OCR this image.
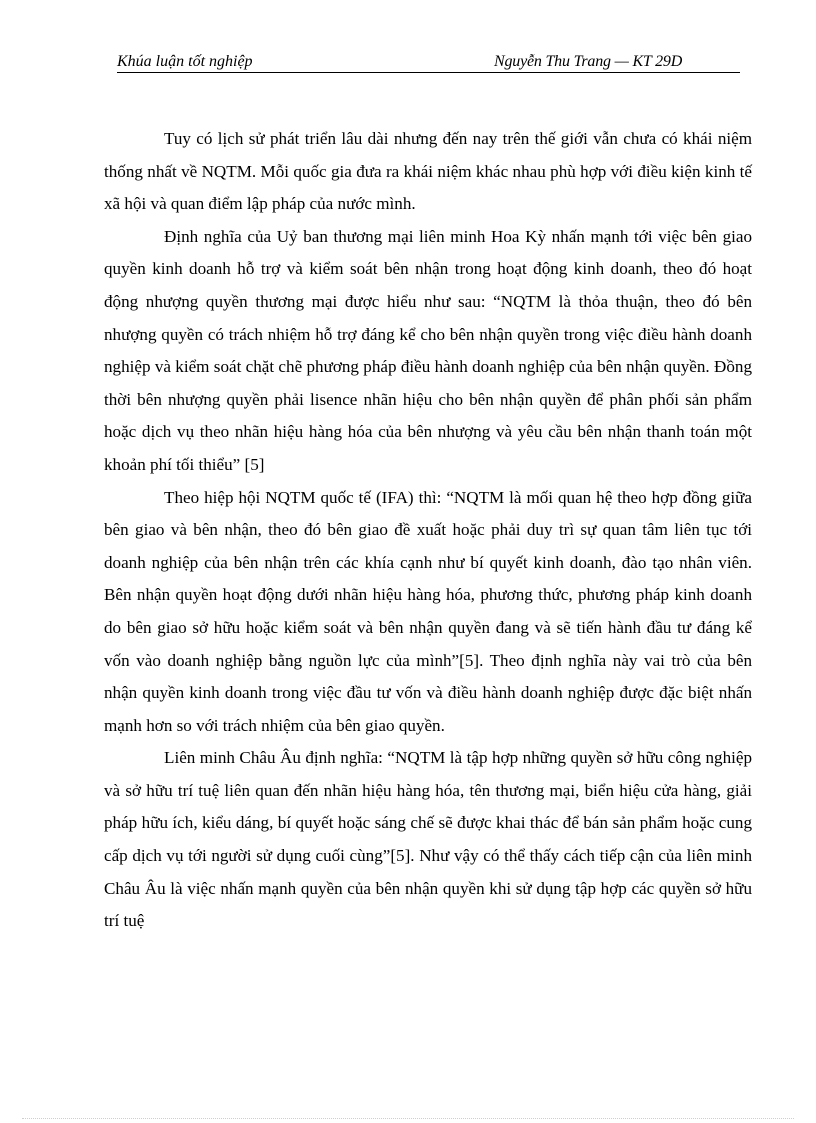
Khúa luận tốt nghiệp	Nguyễn Thu Trang — KT 29D

Tuy có lịch sử phát triển lâu dài nhưng đến nay trên thế giới vẫn chưa có khái niệm thống nhất về NQTM. Mỗi quốc gia đưa ra khái niệm khác nhau phù hợp với điều kiện kinh tế xã hội và quan điểm lập pháp của nước mình.

Định nghĩa của Uỷ ban thương mại liên minh Hoa Kỳ nhấn mạnh tới việc bên giao quyền kinh doanh hỗ trợ và kiểm soát bên nhận trong hoạt động kinh doanh, theo đó hoạt động nhượng quyền thương mại được hiểu như sau: “NQTM là thỏa thuận, theo đó bên nhượng quyền có trách nhiệm hỗ trợ đáng kể cho bên nhận quyền trong việc điều hành doanh nghiệp và kiểm soát chặt chẽ phương pháp điều hành doanh nghiệp của bên nhận quyền. Đồng thời bên nhượng quyền phải lisence nhãn hiệu cho bên nhận quyền để phân phối sản phẩm hoặc dịch vụ theo nhãn hiệu hàng hóa của bên nhượng và yêu cầu bên nhận thanh toán một khoản phí tối thiểu” [5]

Theo hiệp hội NQTM quốc tế (IFA) thì: “NQTM là mối quan hệ theo hợp đồng giữa bên giao và bên nhận, theo đó bên giao đề xuất hoặc phải duy trì sự quan tâm liên tục tới doanh nghiệp của bên nhận trên các khía cạnh như bí quyết kinh doanh, đào tạo nhân viên. Bên nhận quyền hoạt động dưới nhãn hiệu hàng hóa, phương thức, phương pháp kinh doanh do bên giao sở hữu hoặc kiểm soát và bên nhận quyền đang và sẽ tiến hành đầu tư đáng kể vốn vào doanh nghiệp bằng nguồn lực của mình”[5]. Theo định nghĩa này vai trò của bên nhận quyền kinh doanh trong việc đầu tư vốn và điều hành doanh nghiệp được đặc biệt nhấn mạnh hơn so với trách nhiệm của bên giao quyền.

Liên minh Châu Âu định nghĩa: “NQTM là tập hợp những quyền sở hữu công nghiệp và sở hữu trí tuệ liên quan đến nhãn hiệu hàng hóa, tên thương mại, biển hiệu cửa hàng, giải pháp hữu ích, kiểu dáng, bí quyết hoặc sáng chế sẽ được khai thác để bán sản phẩm hoặc cung cấp dịch vụ tới người sử dụng cuối cùng”[5]. Như vậy có thể thấy cách tiếp cận của liên minh Châu Âu là việc nhấn mạnh quyền của bên nhận quyền khi sử dụng tập hợp các quyền sở hữu trí tuệ
